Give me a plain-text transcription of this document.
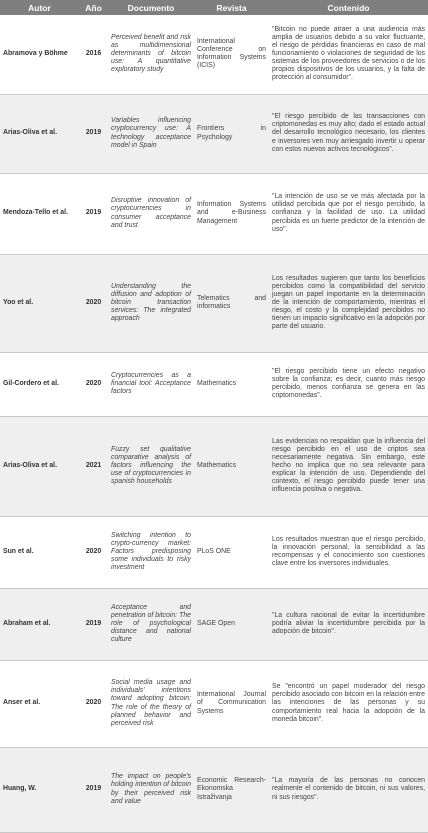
Autor	Año	Documento	Revista	Contenido
Abramova y Böhme	2016	Perceived benefit and risk as multidimensional determinants of bitcoin use: A quantitative exploratory study	International Conference on Information Systems (ICIS)	"Bitcoin no puede atraer a una audiencia más amplia de usuarios debido a su valor fluctuante, el riesgo de pérdidas financieras en caso de mal funcionamiento o violaciones de seguridad de los sistemas de los proveedores de servicios o de los propios dispositivos de los usuarios, y la falta de protección al consumidor".
Arias-Oliva et al.	2019	Variables influencing cryptocurrency use: A technology acceptance model in Spain	Frontiers in Psychology	"El riesgo percibido de las transacciones con criptomonedas es muy alto; dado el estado actual del desarrollo tecnológico necesario, los clientes e inversores ven muy arriesgado invertir u operar con estos nuevos activos tecnológicos".
Mendoza-Tello et al.	2019	Disruptive innovation of cryptocurrencies in consumer acceptance and trust	Information Systems and e-Business Management	"La intención de uso se ve más afectada por la utilidad percibida que por el riesgo percibido, la confianza y la facilidad de uso. La utilidad percibida es un fuerte predictor de la intención de uso".
Yoo et al.	2020	Understanding the diffusion and adoption of bitcoin transaction services: The integrated approach	Telematics and informatics	Los resultados sugieren que tanto los beneficios percibidos como la compatibilidad del servicio juegan un papel importante en la determinación de la intención de comportamiento, mientras el riesgo, el costo y la complejidad percibidos no tienen un impacto significativo en la adopción por parte del usuario.
Gil-Cordero et al.	2020	Cryptocurrencies as a financial tool: Acceptance factors	Mathematics	"El riesgo percibido tiene un efecto negativo sobre la confianza; es decir, cuanto más riesgo percibido, menos confianza se genera en las criptomonedas".
Arias-Oliva et al.	2021	Fuzzy set qualitative comparative analysis of factors influencing the use of cryptocurrencies in spanish households	Mathematics	Las evidencias no respaldan que la influencia del riesgo percibido en el uso de criptos sea necesariamente negativa. Sin embargo, este hecho no implica que no sea relevante para explicar la intención de uso. Dependiendo del contexto, el riesgo percibido puede tener una influencia positiva o negativa.
Sun et al.	2020	Switching intention to crypto-currency market: Factors predisposing some individuals to risky investment	PLoS ONE	Los resultados muestran que el riesgo percibido, la innovación personal, la sensibilidad a las recompensas y el conocimiento son cuestiones clave entre los inversores individuales.
Abraham et al.	2019	Acceptance and penetration of bitcoin: The role of psychological distance and national culture	SAGE Open	"La cultura nacional de evitar la incertidumbre podría aliviar la incertidumbre percibida por la adopción de bitcoin".
Anser et al.	2020	Social media usage and individuals' intentions toward adopting bitcoin: The role of the theory of planned behavior and perceived risk	International Journal of Communication Systems	Se "encontró un papel moderador del riesgo percibido asociado con bitcoin en la relación entre las intenciones de las personas y su comportamiento real hacia la adopción de la moneda bitcoin".
Huang, W.	2019	The impact on people's holding intention of bitcoin by their perceived risk and value	Economic Research-Ekonomska Istraživanja	"La mayoría de las personas no conocen realmente el contenido de bitcoin, ni sus valores, ni sus riesgos".
